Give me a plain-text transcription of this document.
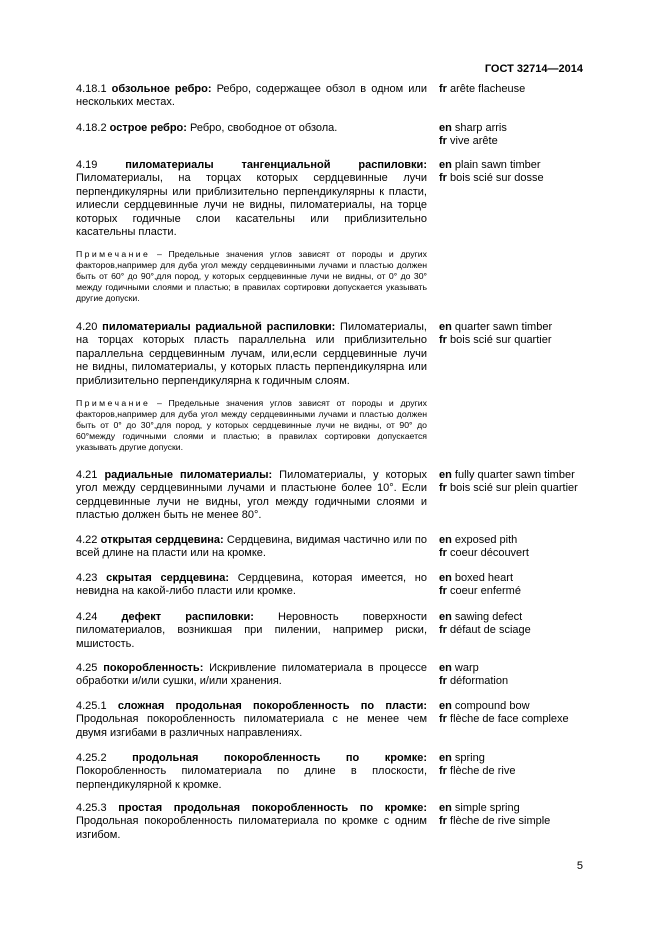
ГОСТ 32714—2014
4.18.1 обзольное ребро: Ребро, содержащее обзол в одном или нескольких местах.
fr arête flacheuse
4.18.2 острое ребро: Ребро, свободное от обзола.	en sharp arris
fr vive arête
4.19	пиломатериалы тангенциальной распиловки:
Пиломатериалы, на торцах которых сердцевинные лучи перпендикулярны или приблизительно перпендикулярны к пласти, илиесли сердцевинные лучи не видны, пиломатериалы, на торце которых годичные слои касательны или приблизительно касательны пласти.
en plain sawn timber
fr bois scié sur dosse
Примечание – Предельные значения углов зависят от породы и других факторов,например для дуба угол между сердцевинными лучами и пластью должен быть от 60° до 90°,для пород, у которых сердцевинные лучи не видны, от 0° до 30° между годичными слоями и пластью; в правилах сортировки допускается указывать другие допуски.
4.20 пиломатериалы радиальной распиловки: Пиломатериалы, на торцах которых пласть параллельна или приблизительно параллельна сердцевинным лучам, или,если сердцевинные лучи не видны, пиломатериалы, у которых пласть перпендикулярна или приблизительно перпендикулярна к годичным слоям.
en quarter sawn timber
fr bois scié sur quartier
Примечание – Предельные значения углов зависят от породы и других факторов,например для дуба угол между сердцевинными лучами и пластью должен быть от 0° до 30°,для пород, у которых сердцевинные лучи не видны, от 90° до 60°между годичными слоями и пластью; в правилах сортировки допускается указывать другие допуски.
4.21 радиальные пиломатериалы: Пиломатериалы, у которых угол между сердцевинными лучами и пластьюне более 10°. Если сердцевинные лучи не видны, угол между годичными слоями и пластью должен быть не менее 80°.
en fully quarter sawn timber
fr bois scié sur plein quartier
4.22 открытая сердцевина: Сердцевина, видимая частично или по всей длине на пласти или на кромке.
en exposed pith
fr coeur découvert
4.23 скрытая сердцевина: Сердцевина, которая имеется, но невидна на какой-либо пласти или кромке.
en boxed heart
fr coeur enfermé
4.24 дефект распиловки: Неровность поверхности пиломатериалов, возникшая при пилении, например риски, мшистость.
en sawing defect
fr défaut de sciage
4.25 покоробленность: Искривление пиломатериала в процессе обработки и/или сушки, и/или хранения.
en warp
fr déformation
4.25.1 сложная продольная покоробленность по пласти:
Продольная покоробленность пиломатериала с не менее чем двумя изгибами в различных направлениях.
en compound bow
fr flèche de face complexe
4.25.2 продольная покоробленность по кромке:
Покоробленность пиломатериала по длине в плоскости, перпендикулярной к кромке.
en spring
fr flèche de rive
4.25.3 простая продольная покоробленность по кромке:
Продольная покоробленность пиломатериала по кромке с одним изгибом.
en simple spring
fr flèche de rive simple
5
